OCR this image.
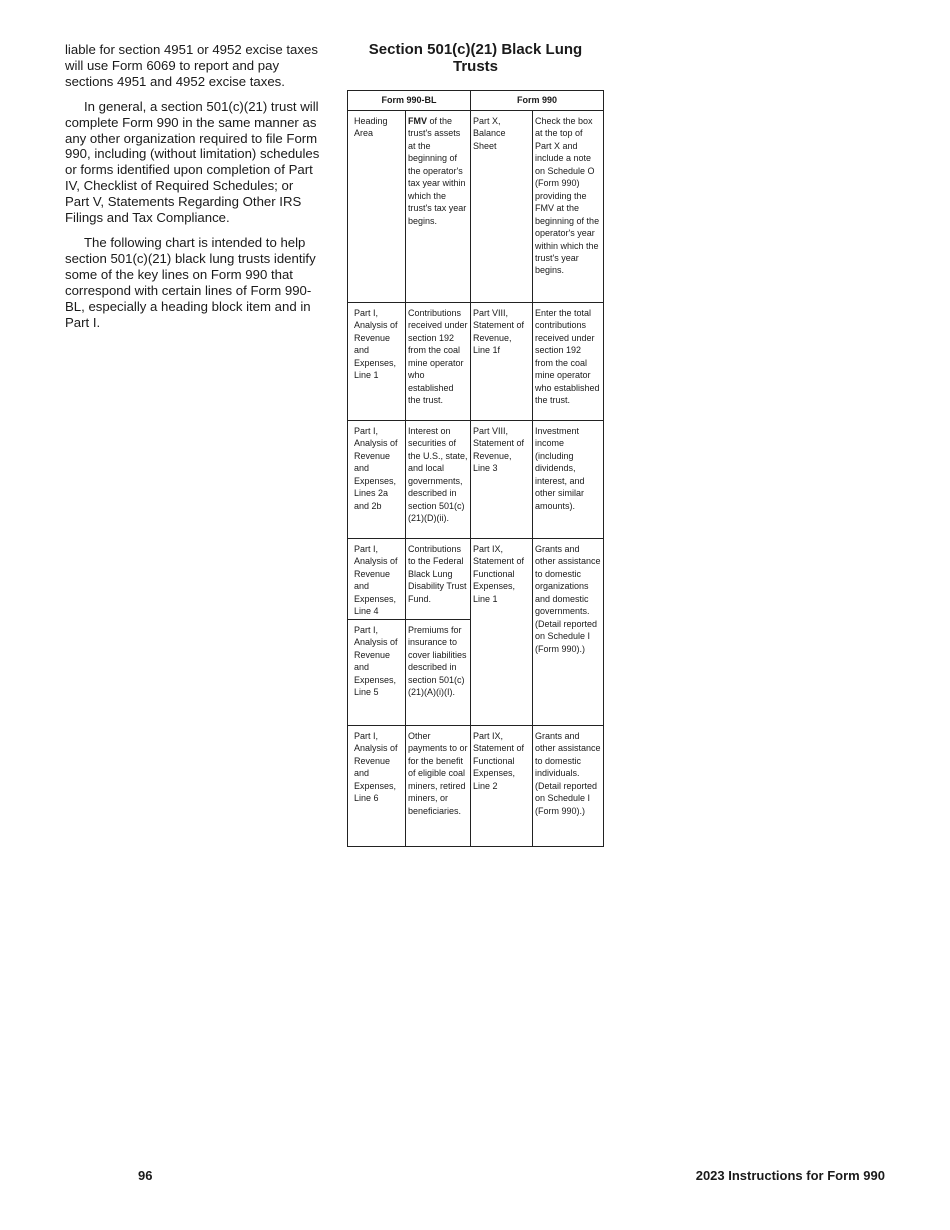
liable for section 4951 or 4952 excise taxes will use Form 6069 to report and pay sections 4951 and 4952 excise taxes.

In general, a section 501(c)(21) trust will complete Form 990 in the same manner as any other organization required to file Form 990, including (without limitation) schedules or forms identified upon completion of Part IV, Checklist of Required Schedules; or Part V, Statements Regarding Other IRS Filings and Tax Compliance.

The following chart is intended to help section 501(c)(21) black lung trusts identify some of the key lines on Form 990 that correspond with certain lines of Form 990-BL, especially a heading block item and in Part I.

Section 501(c)(21) Black Lung Trusts
Form 990-BL		Form 990	
Heading Area	FMV of the trust's assets at the beginning of the operator's tax year within which the trust's tax year begins.	Part X, Balance Sheet	Check the box at the top of Part X and include a note on Schedule O (Form 990) providing the FMV at the beginning of the operator's year within which the trust's year begins.
Part I, Analysis of Revenue and Expenses, Line 1	Contributions received under section 192 from the coal mine operator who established the trust.	Part VIII, Statement of Revenue, Line 1f	Enter the total contributions received under section 192 from the coal mine operator who established the trust.
Part I, Analysis of Revenue and Expenses, Lines 2a and 2b	Interest on securities of the U.S., state, and local governments, described in section 501(c)(21)(D)(ii).	Part VIII, Statement of Revenue, Line 3	Investment income (including dividends, interest, and other similar amounts).
Part I, Analysis of Revenue and Expenses, Line 4	Contributions to the Federal Black Lung Disability Trust Fund.	Part IX, Statement of Functional Expenses, Line 1	Grants and other assistance to domestic organizations and domestic governments. (Detail reported on Schedule I (Form 990).)
Part I, Analysis of Revenue and Expenses, Line 5	Premiums for insurance to cover liabilities described in section 501(c)(21)(A)(i)(I).		
Part I, Analysis of Revenue and Expenses, Line 6	Other payments to or for the benefit of eligible coal miners, retired miners, or beneficiaries.	Part IX, Statement of Functional Expenses, Line 2	Grants and other assistance to domestic individuals. (Detail reported on Schedule I (Form 990).)
96	2023 Instructions for Form 990
